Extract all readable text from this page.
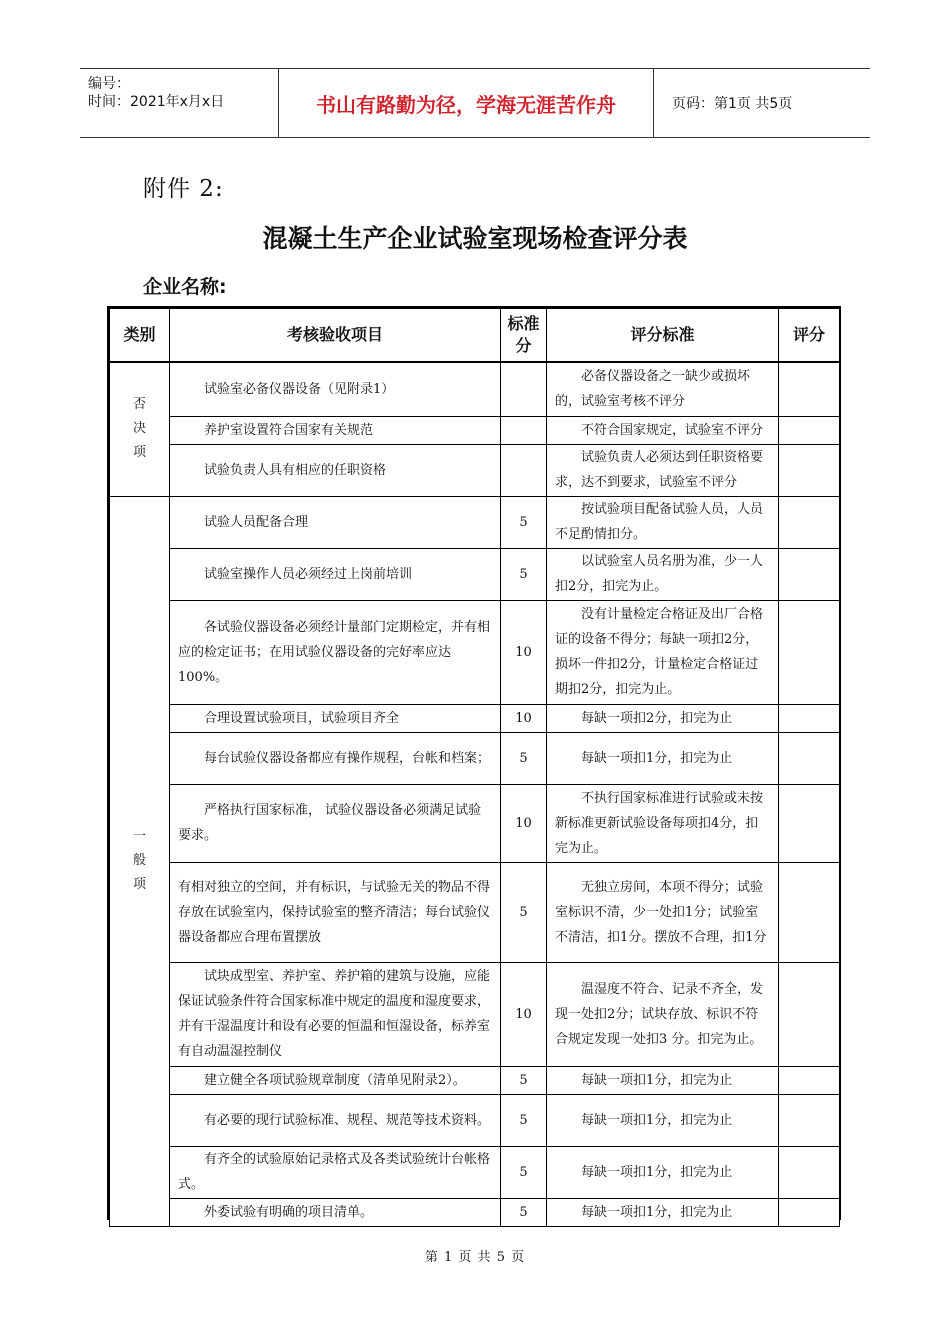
编号：
时间：2021年x月x日	书山有路勤为径，学海无涯苦作舟	页码：第1页 共5页
附件 2:
混凝土生产企业试验室现场检查评分表
企业名称:
类别	考核验收项目	标准分	评分标准	评分
否决项	试验室必备仪器设备（见附录1）		必备仪器设备之一缺少或损坏的，试验室考核不评分	
	养护室设置符合国家有关规范		不符合国家规定，试验室不评分	
	试验负责人具有相应的任职资格		试验负责人必须达到任职资格要求，达不到要求，试验室不评分	
一般项	试验人员配备合理	5	按试验项目配备试验人员，人员不足酌情扣分。	
	试验室操作人员必须经过上岗前培训	5	以试验室人员名册为准，少一人扣2分，扣完为止。	
	各试验仪器设备必须经计量部门定期检定，并有相应的检定证书；在用试验仪器设备的完好率应达100%。	10	没有计量检定合格证及出厂合格证的设备不得分；每缺一项扣2分，损坏一件扣2分，计量检定合格证过期扣2分，扣完为止。	
	合理设置试验项目，试验项目齐全	10	每缺一项扣2分，扣完为止	
	每台试验仪器设备都应有操作规程，台帐和档案；	5	每缺一项扣1分，扣完为止	
	严格执行国家标准， 试验仪器设备必须满足试验要求。	10	不执行国家标准进行试验或未按新标准更新试验设备每项扣4分，扣完为止。	
	有相对独立的空间，并有标识，与试验无关的物品不得存放在试验室内，保持试验室的整齐清洁；每台试验仪器设备都应合理布置摆放	5	无独立房间，本项不得分；试验室标识不清，少一处扣1分；试验室不清洁，扣1分。摆放不合理，扣1分	
	试块成型室、养护室、养护箱的建筑与设施，应能保证试验条件符合国家标准中规定的温度和湿度要求，并有干湿温度计和设有必要的恒温和恒湿设备，标养室有自动温湿控制仪	10	温湿度不符合、记录不齐全，发现一处扣2分；试块存放、标识不符合规定发现一处扣3 分。扣完为止。	
	建立健全各项试验规章制度（清单见附录2）。	5	每缺一项扣1分，扣完为止	
	有必要的现行试验标准、规程、规范等技术资料。	5	每缺一项扣1分，扣完为止	
	有齐全的试验原始记录格式及各类试验统计台帐格式。	5	每缺一项扣1分，扣完为止	
	外委试验有明确的项目清单。	5	每缺一项扣1分，扣完为止	
第 1 页 共 5 页
